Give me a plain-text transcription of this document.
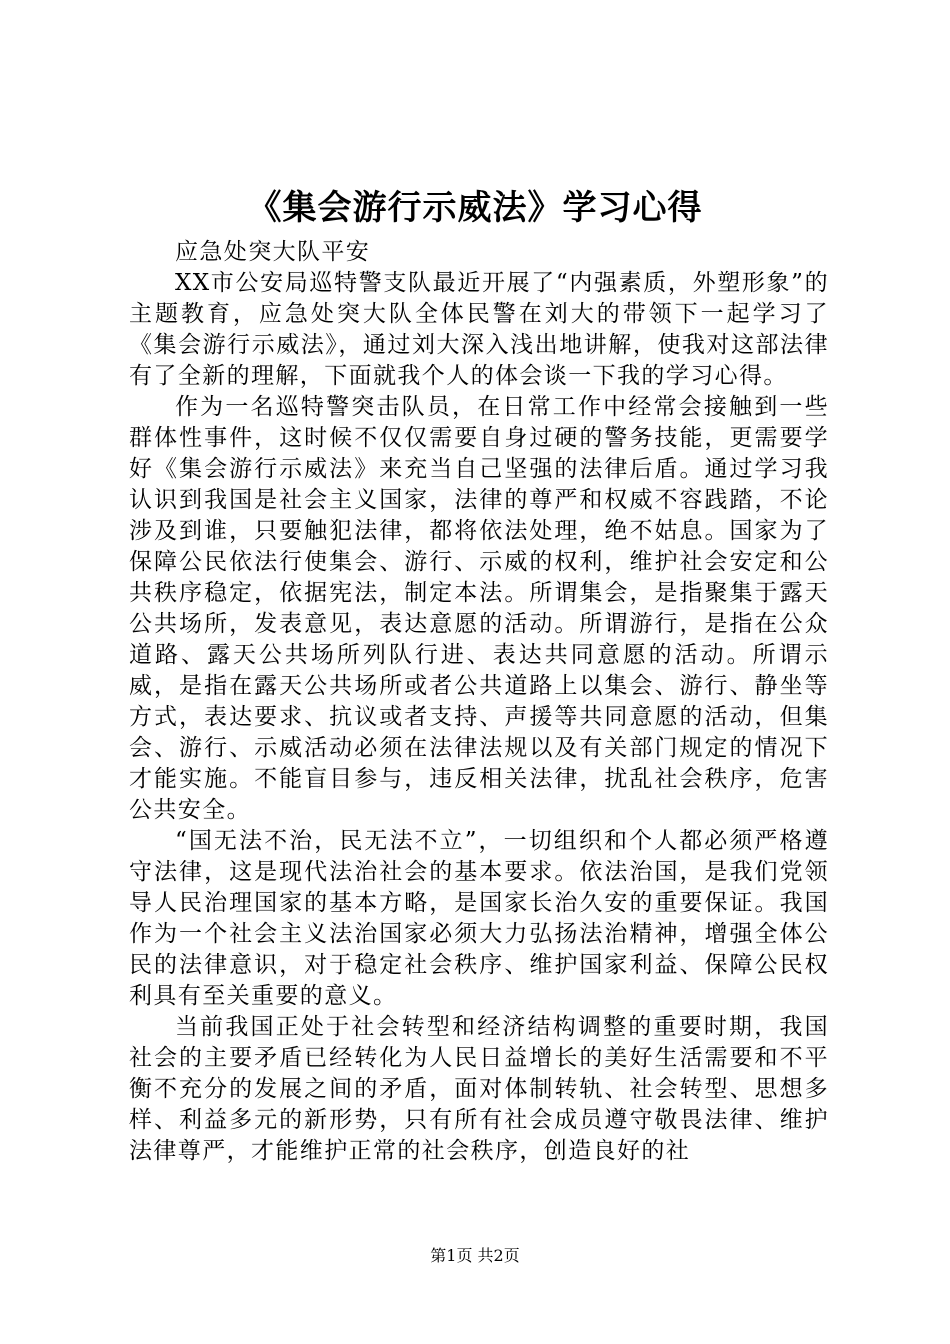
《集会游行示威法》学习心得

应急处突大队平安

XX市公安局巡特警支队最近开展了“内强素质，外塑形象”的主题教育，应急处突大队全体民警在刘大的带领下一起学习了《集会游行示威法》，通过刘大深入浅出地讲解，使我对这部法律有了全新的理解，下面就我个人的体会谈一下我的学习心得。

作为一名巡特警突击队员，在日常工作中经常会接触到一些群体性事件，这时候不仅仅需要自身过硬的警务技能，更需要学好《集会游行示威法》来充当自己坚强的法律后盾。通过学习我认识到我国是社会主义国家，法律的尊严和权威不容践踏，不论涉及到谁，只要触犯法律，都将依法处理，绝不姑息。国家为了保障公民依法行使集会、游行、示威的权利，维护社会安定和公共秩序稳定，依据宪法，制定本法。所谓集会，是指聚集于露天公共场所，发表意见，表达意愿的活动。所谓游行，是指在公众道路、露天公共场所列队行进、表达共同意愿的活动。所谓示威，是指在露天公共场所或者公共道路上以集会、游行、静坐等方式，表达要求、抗议或者支持、声援等共同意愿的活动，但集会、游行、示威活动必须在法律法规以及有关部门规定的情况下才能实施。不能盲目参与，违反相关法律，扰乱社会秩序，危害公共安全。

“国无法不治，民无法不立”，一切组织和个人都必须严格遵守法律，这是现代法治社会的基本要求。依法治国，是我们党领导人民治理国家的基本方略，是国家长治久安的重要保证。我国作为一个社会主义法治国家必须大力弘扬法治精神，增强全体公民的法律意识，对于稳定社会秩序、维护国家利益、保障公民权利具有至关重要的意义。

当前我国正处于社会转型和经济结构调整的重要时期，我国社会的主要矛盾已经转化为人民日益增长的美好生活需要和不平衡不充分的发展之间的矛盾，面对体制转轨、社会转型、思想多样、利益多元的新形势，只有所有社会成员遵守敬畏法律、维护法律尊严，才能维护正常的社会秩序，创造良好的社

第1页 共2页
